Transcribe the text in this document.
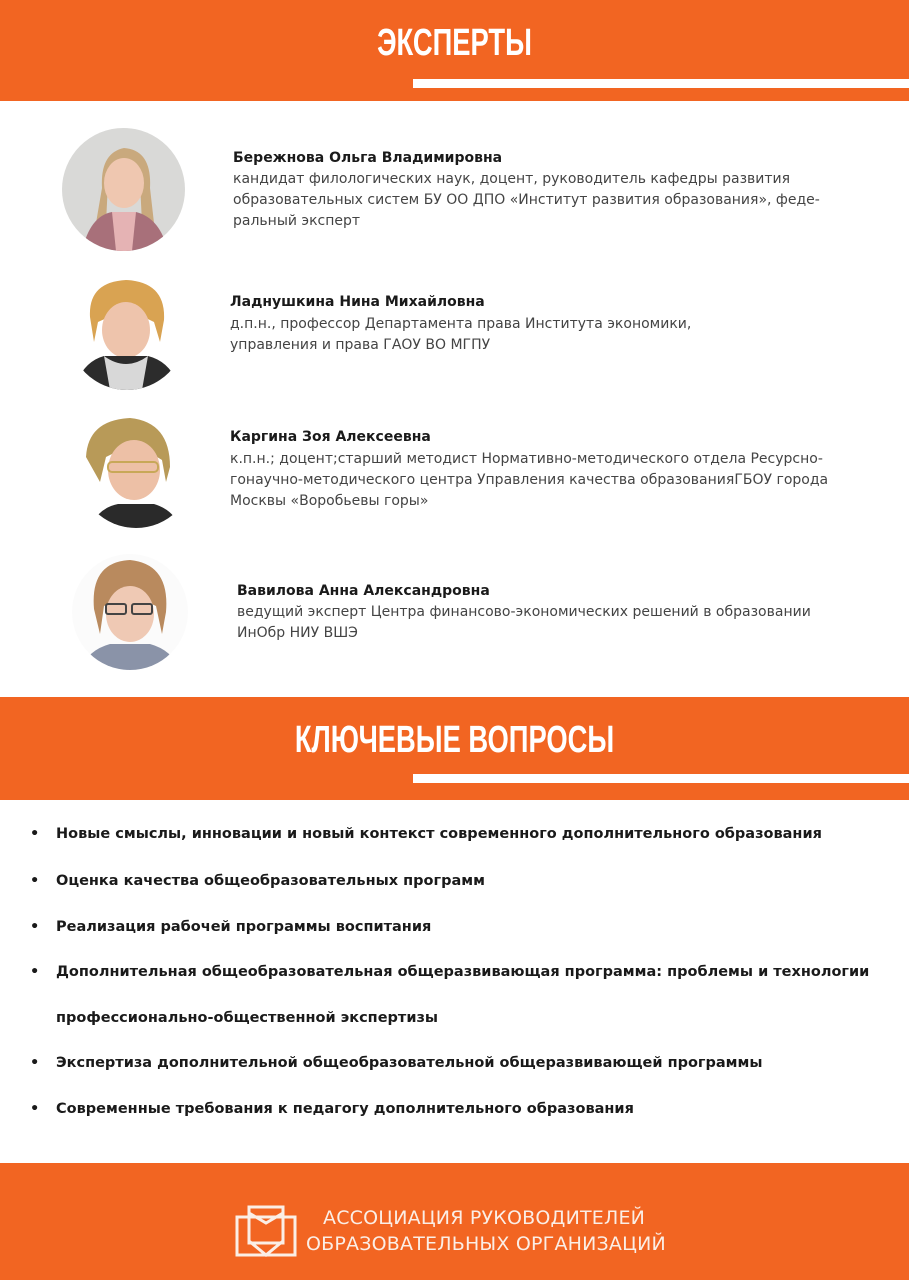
ЭКСПЕРТЫ
Бережнова Ольга Владимировна
кандидат филологических наук, доцент, руководитель кафедры развития
образовательных систем БУ ОО ДПО «Институт развития образования», феде-
ральный эксперт
Ладнушкина Нина Михайловна
д.п.н., профессор Департамента права Института экономики,
управления и права ГАОУ ВО МГПУ
Каргина Зоя Алексеевна
к.п.н.; доцент;старший методист Нормативно-методического отдела Ресурсно-
гонаучно-методического центра Управления качества образованияГБОУ города
Москвы «Воробьевы горы»
Вавилова Анна Александровна
ведущий эксперт Центра финансово-экономических решений в образовании
ИнОбр НИУ ВШЭ
КЛЮЧЕВЫЕ ВОПРОСЫ
• Новые смыслы, инновации и новый контекст современного дополнительного образования
• Оценка качества общеобразовательных программ
• Реализация рабочей программы воспитания
• Дополнительная общеобразовательная общеразвивающая программа: проблемы и технологии
профессионально-общественной экспертизы
• Экспертиза дополнительной общеобразовательной общеразвивающей программы
• Современные требования к педагогу дополнительного образования
АССОЦИАЦИЯ РУКОВОДИТЕЛЕЙ
ОБРАЗОВАТЕЛЬНЫХ ОРГАНИЗАЦИЙ
